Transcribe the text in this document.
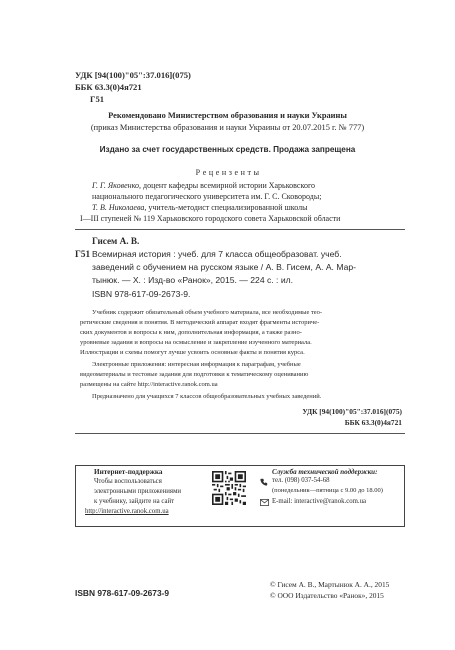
УДК [94(100)"05":37.016](075)
ББК 63.3(0)4я721
Г51
Рекомендовано Министерством образования и науки Украины
(приказ Министерства образования и науки Украины от 20.07.2015 г. № 777)
Издано за счет государственных средств. Продажа запрещена
Р е ц е н з е н т ы
Г. Г. Яковенко, доцент кафедры всемирной истории Харьковского
национального педагогического университета им. Г. С. Сковороды;
Т. В. Николаева, учитель-методист специализированной школы
I—III ступеней № 119 Харьковского городского совета Харьковской области
Гисем А. В.
Г51 Всемирная история : учеб. для 7 класса общеобразоват. учеб.
заведений с обучением на русском языке / А. В. Гисем, А. А. Мар-
тынюк. — Х. : Изд-во «Ранок», 2015. — 224 с. : ил.
ISBN 978-617-09-2673-9.
Учебник содержит обязательный объем учебного материала, все необходимые тео-
ретические сведения и понятия. В методический аппарат входят фрагменты историче-
ских документов и вопросы к ним, дополнительная информация, а также разно-
уровневые задания и вопросы на осмысление и закрепление изученного материала.
Иллюстрации и схемы помогут лучше усвоить основные факты и понятия курса.
Электронные приложения: интересная информация к параграфам, учебные
видеоматериалы и тестовые задания для подготовки к тематическому оцениванию
размещены на сайте http://interactive.ranok.com.ua
Предназначено для учащихся 7 классов общеобразовательных учебных заведений.
УДК [94(100)"05":37.016](075)
ББК 63.3(0)4я721
Интернет-поддержка
Чтобы воспользоваться
электронными приложениями
к учебнику, зайдите на сайт
http://interactive.ranok.com.ua
Служба технической поддержки:
тел. (098) 037-54-68
(понедельник—пятница с 9.00 до 18.00)
E-mail: interactive@ranok.com.ua
ISBN 978-617-09-2673-9
© Гисем А. В., Мартынюк А. А., 2015
© ООО Издательство «Ранок», 2015
